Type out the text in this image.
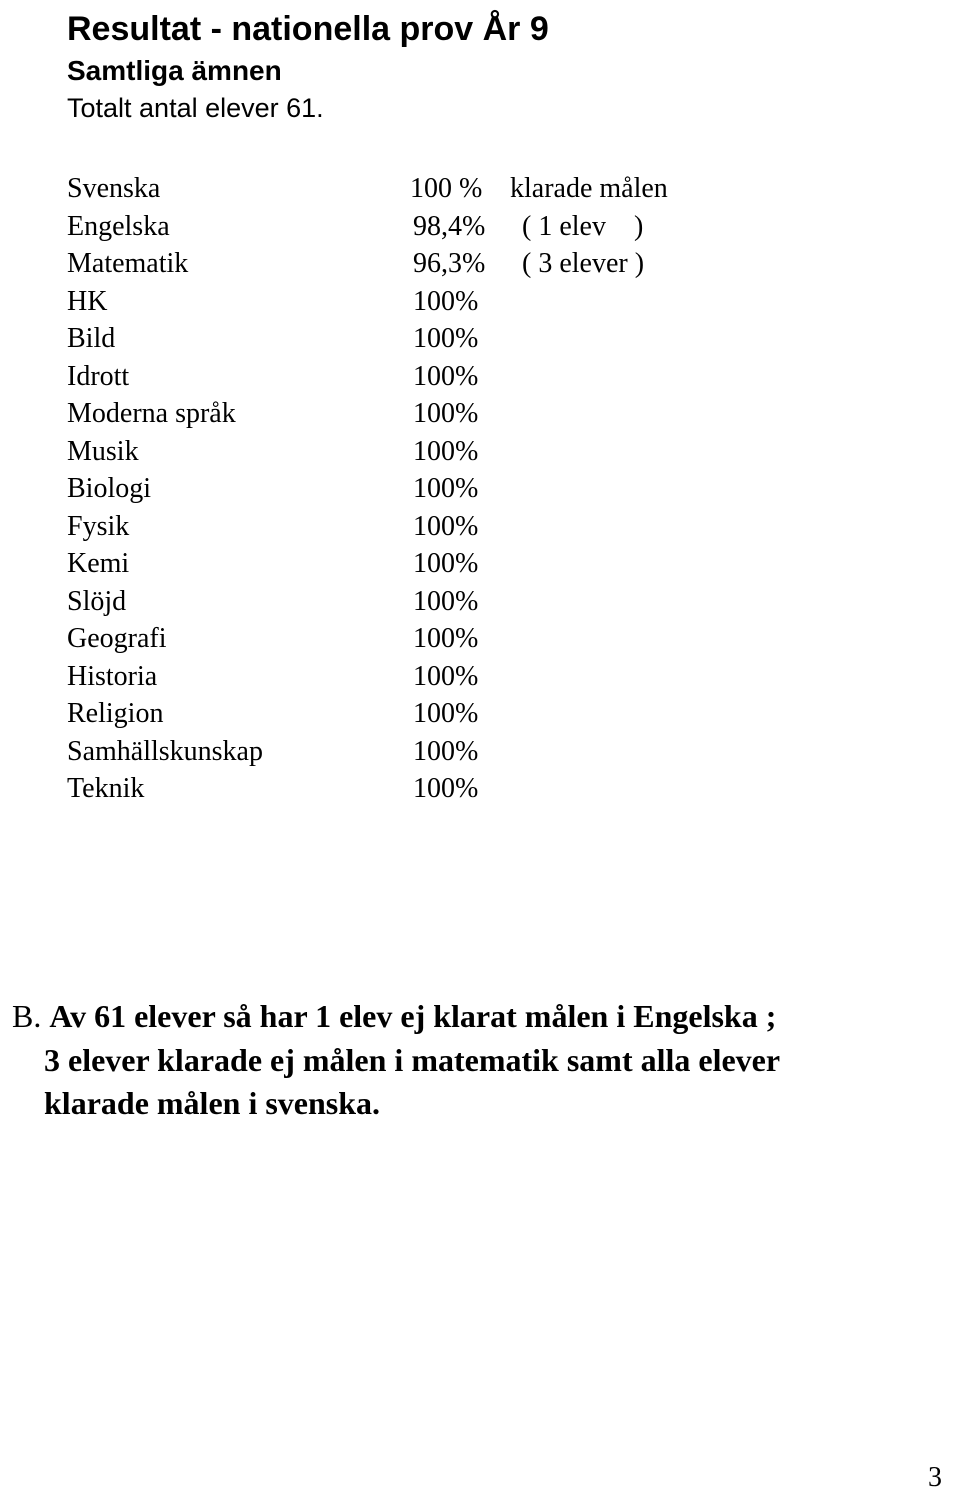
Resultat - nationella prov År 9
Samtliga ämnen

Totalt antal elever 61.

Svenska	100 % klarade målen
Engelska	98,4% ( 1 elev    )
Matematik	96,3% ( 3 elever )
HK	100%
Bild	100%
Idrott	100%
Moderna språk	100%
Musik	100%
Biologi	100%
Fysik	100%
Kemi	100%
Slöjd	100%
Geografi	100%
Historia	100%
Religion	100%
Samhällskunskap	100%
Teknik	100%
B. Av 61 elever så har 1 elev ej klarat målen i Engelska ;
3 elever klarade ej målen i matematik samt alla elever
klarade målen i svenska.
3
